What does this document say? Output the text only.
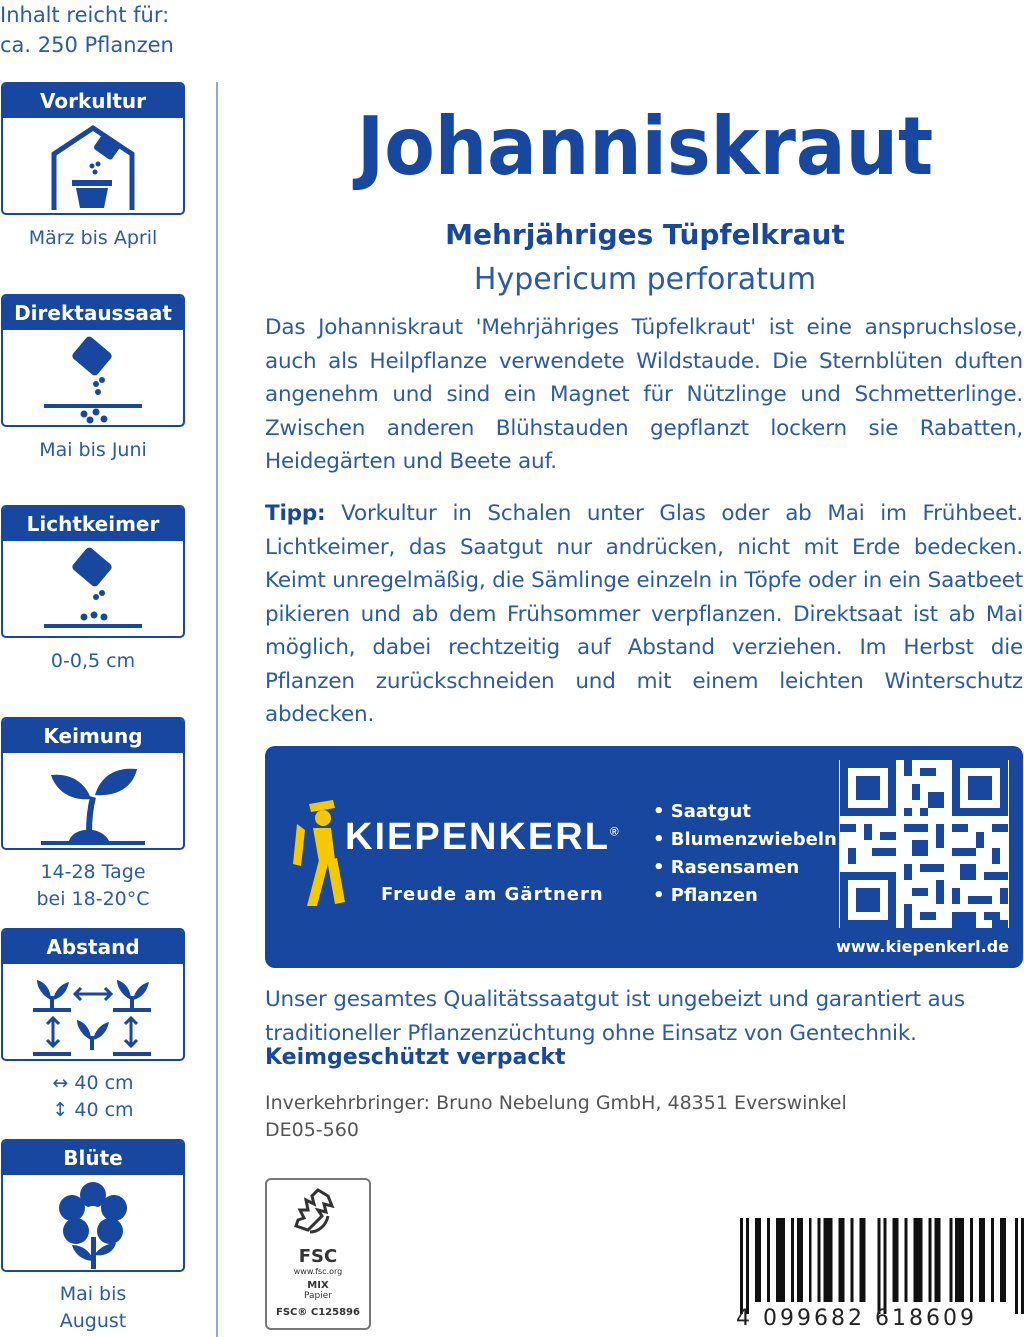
Inhalt reicht für:
ca. 250 Pflanzen
Vorkultur
März bis April
Direktaussaat
Mai bis Juni
Lichtkeimer
0-0,5 cm
Keimung
14-28 Tage
bei 18-20°C
Abstand
↔ 40 cm
↕ 40 cm
Blüte
Mai bis
August
Johanniskraut
Mehrjähriges Tüpfelkraut
Hypericum perforatum
Das Johanniskraut 'Mehrjähriges Tüpfelkraut' ist eine anspruchslose, auch als Heilpflanze verwendete Wildstaude. Die Sternblüten duften angenehm und sind ein Magnet für Nützlinge und Schmetterlinge. Zwischen anderen Blühstauden gepflanzt lockern sie Rabatten, Heidegärten und Beete auf.
Tipp: Vorkultur in Schalen unter Glas oder ab Mai im Frühbeet. Lichtkeimer, das Saatgut nur andrücken, nicht mit Erde bedecken. Keimt unregelmäßig, die Sämlinge einzeln in Töpfe oder in ein Saatbeet pikieren und ab dem Frühsommer verpflanzen. Direktsaat ist ab Mai möglich, dabei rechtzeitig auf Abstand verziehen. Im Herbst die Pflanzen zurückschneiden und mit einem leichten Winterschutz abdecken.
KIEPENKERL®
Freude am Gärtnern
• Saatgut
• Blumenzwiebeln
• Rasensamen
• Pflanzen
www.kiepenkerl.de
Unser gesamtes Qualitätssaatgut ist ungebeizt und garantiert aus traditioneller Pflanzenzüchtung ohne Einsatz von Gentechnik.
Keimgeschützt verpackt
Inverkehrbringer: Bruno Nebelung GmbH, 48351 Everswinkel
DE05-560
FSC
www.fsc.org
MIX
Papier
FSC® C125896	4 099682 618609
